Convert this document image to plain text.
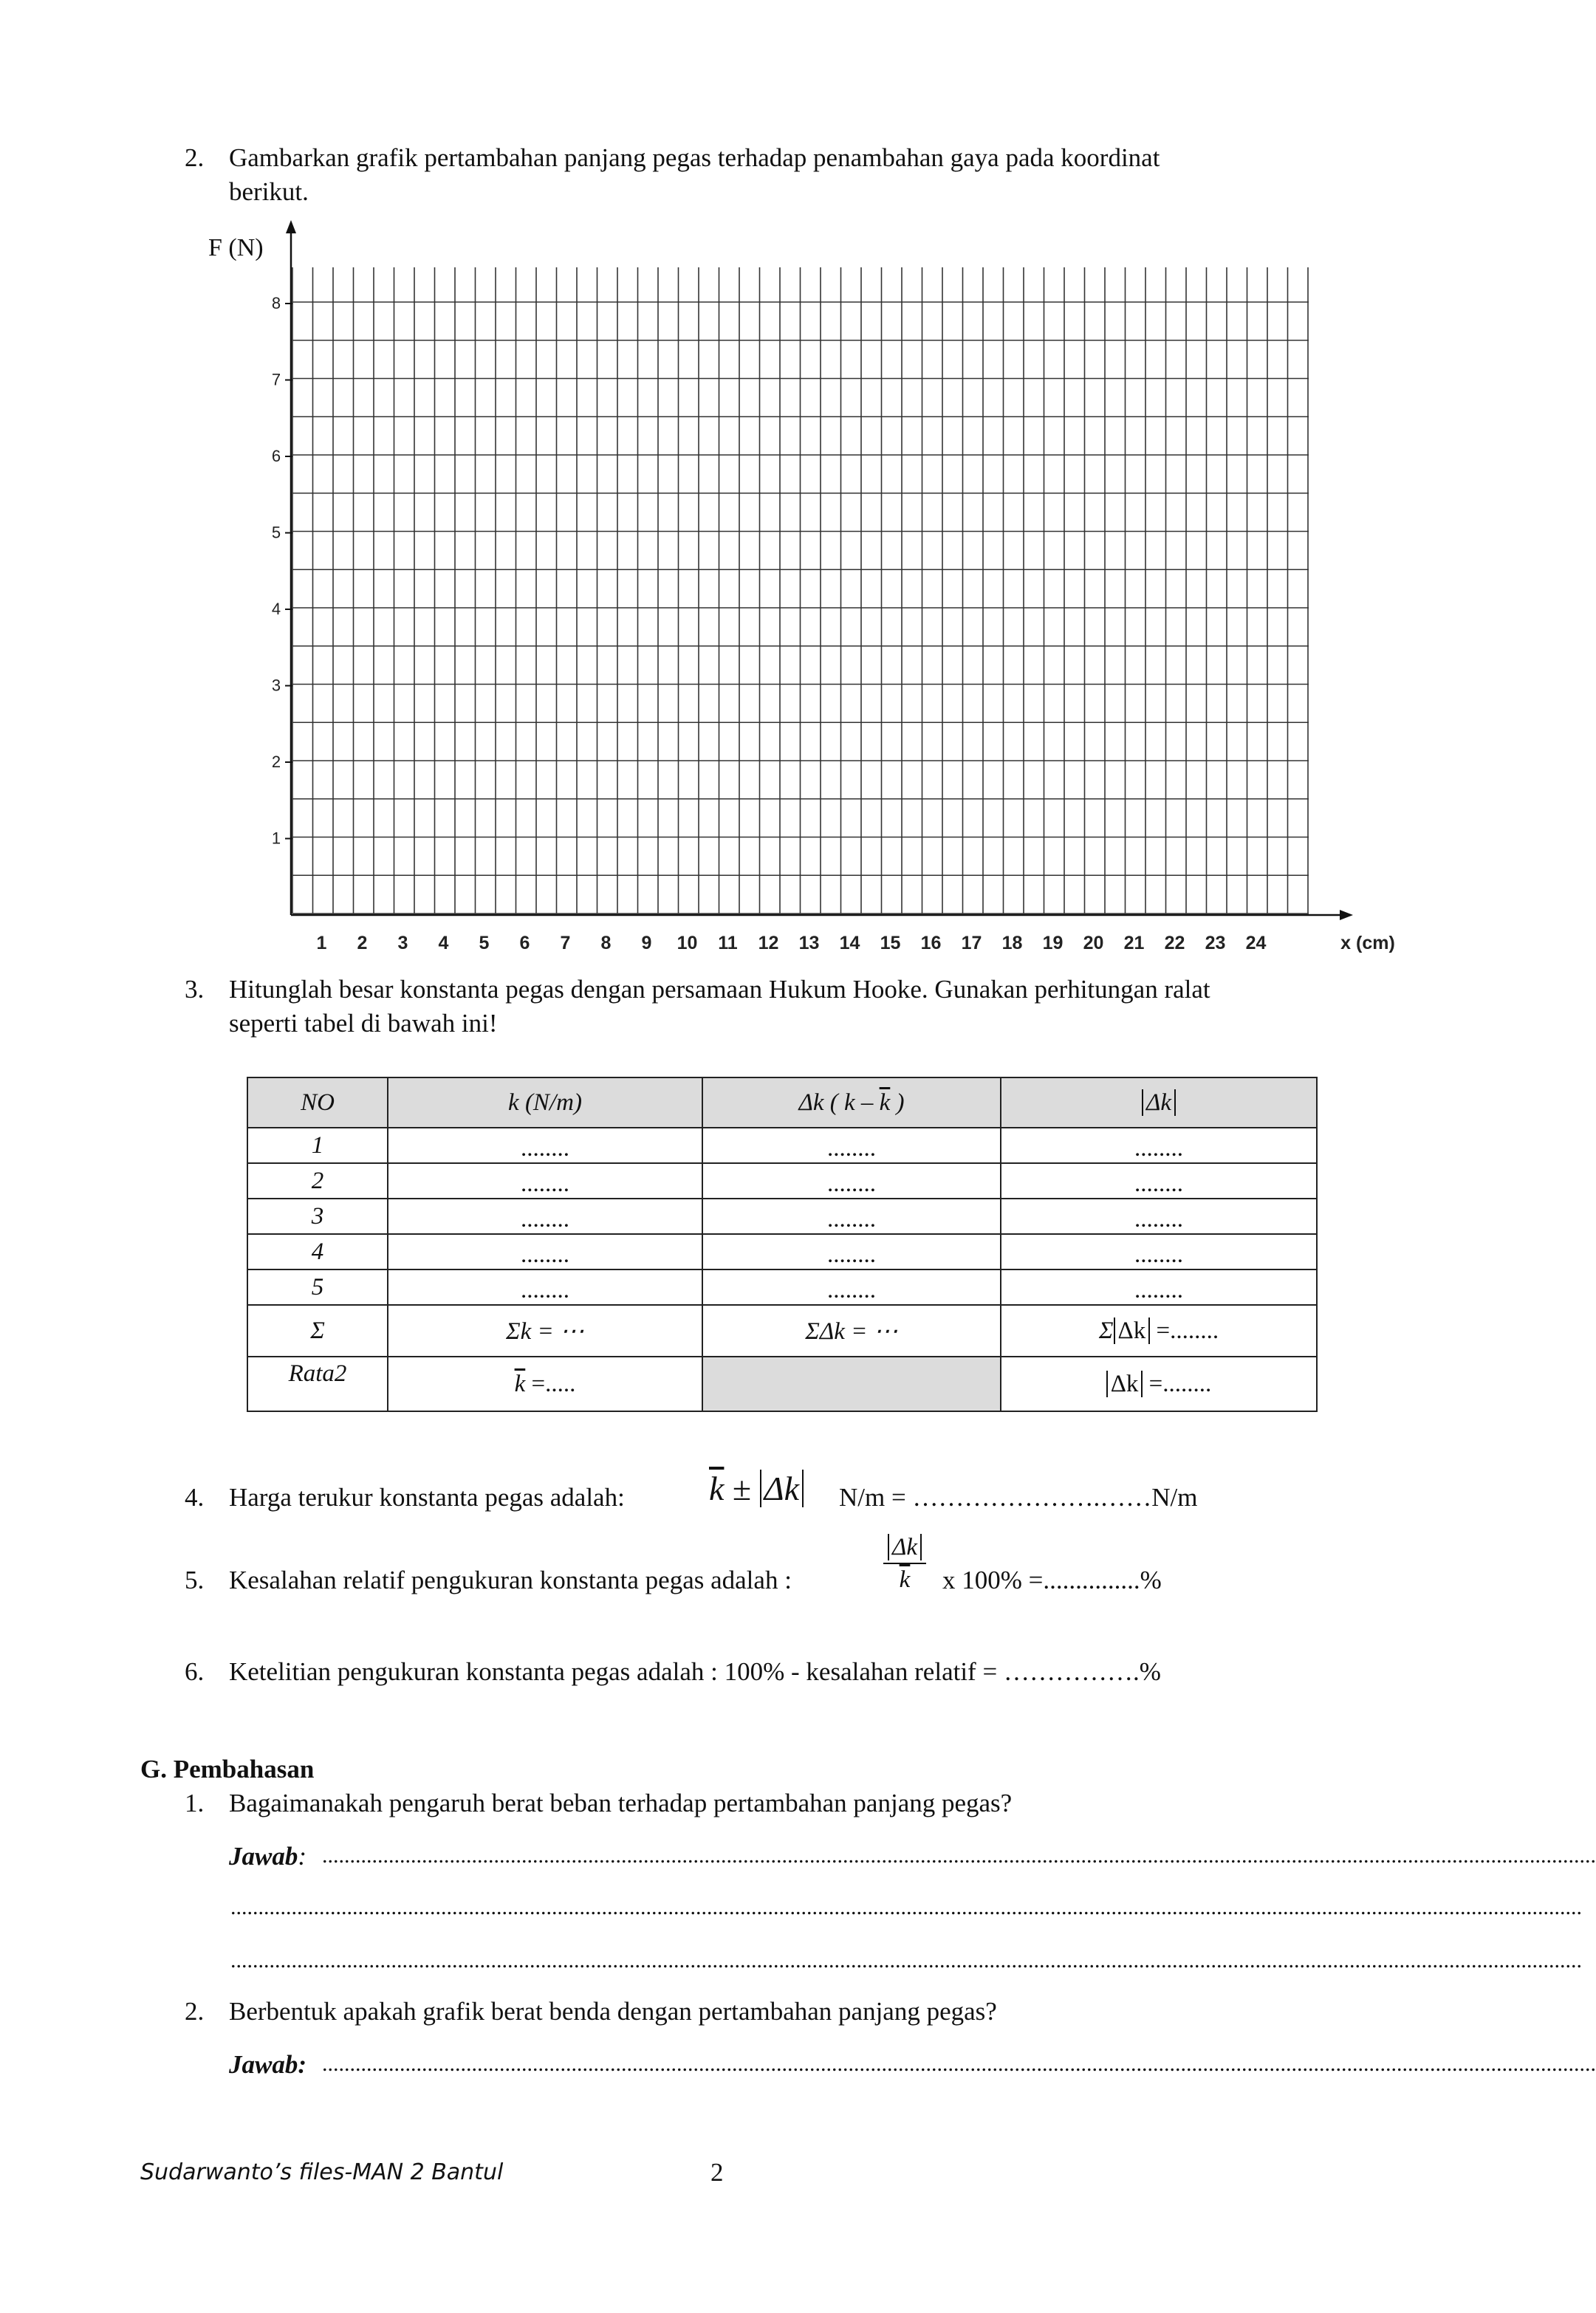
2. Gambarkan grafik pertambahan panjang pegas terhadap penambahan gaya pada koordinat
berikut.
1
2
3
4
5
6
7
8
1 2 3 4 5 6 7 8 9 10 11 12 13 14 15 16 17 18 19 20 21 22 23 24
F (N)
x (cm)
3. Hitunglah besar konstanta pegas dengan persamaan Hukum Hooke. Gunakan perhitungan ralat
seperti tabel di bawah ini!
NO	k (N/m)	Δk ( k – $\overline{k}$ )	Δk
1	........	........	........
2	........	........	........
3	........	........	........
4	........	........	........
5	........	........	........
Σ	Σk = ⋯	ΣΔk = ⋯	Σ Δk =........
Rata2	$\overline{k}$ =.....		Δk =........
4. Harga terukur konstanta pegas adalah: $\overline{k} \pm \Delta k$ N/m = ………………….……N/m
5. Kesalahan relatif pengukuran konstanta pegas adalah :	$\frac{\Delta k}{k}$ x 100% =...............%
6. Ketelitian pengukuran konstanta pegas adalah : 100% - kesalahan relatif = …………….%
G. Pembahasan
1. Bagaimanakah pengaruh berat beban terhadap pertambahan panjang pegas?
Jawab: ......................................................................................................................................................................................................................................
....................................................................................................................................................................................................................................................
....................................................................................................................................................................................................................................................
2. Berbentuk apakah grafik berat benda dengan pertambahan panjang pegas?
Jawab: ......................................................................................................................................................................................................................................
Sudarwanto’s files-MAN 2 Bantul	2
